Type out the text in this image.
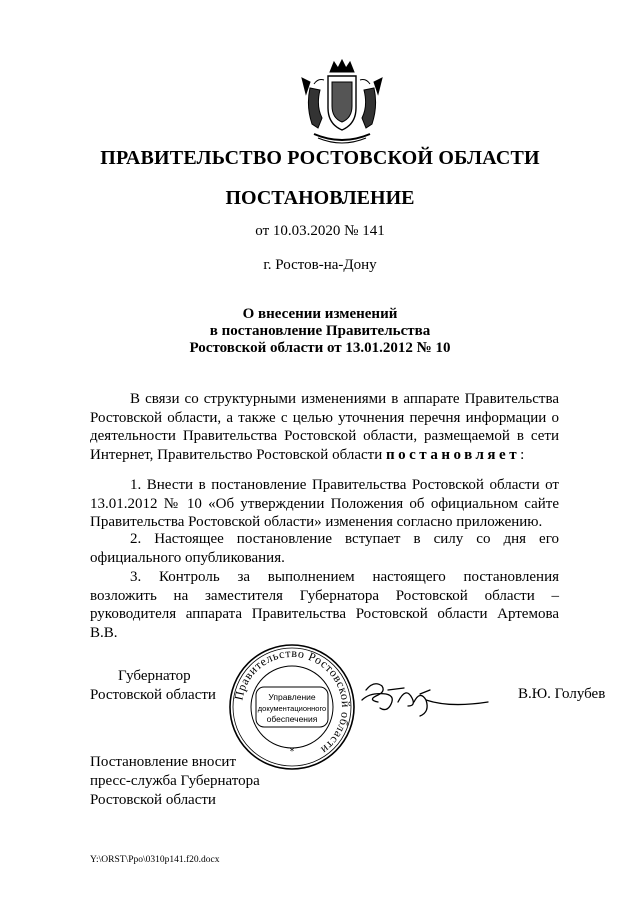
ПРАВИТЕЛЬСТВО РОСТОВСКОЙ ОБЛАСТИ
ПОСТАНОВЛЕНИЕ
от 10.03.2020 № 141
г. Ростов-на-Дону
О внесении изменений
в постановление Правительства
Ростовской области от 13.01.2012 № 10
В связи со структурными изменениями в аппарате Правительства Ростовской области, а также с целью уточнения перечня информации о деятельности Правительства Ростовской области, размещаемой в сети Интернет, Правительство Ростовской области постановляет:
1. Внести в постановление Правительства Ростовской области от 13.01.2012 № 10 «Об утверждении Положения об официальном сайте Правительства Ростовской области» изменения согласно приложению.
2. Настоящее постановление вступает в силу со дня его официального опубликования.
3. Контроль за выполнением настоящего постановления возложить на заместителя Губернатора Ростовской области – руководителя аппарата Правительства Ростовской области Артемова В.В.
Губернатор
Ростовской области Правительство Ростовской области
Управление
документационного
обеспечения
*
В.Ю. Голубев
Постановление вносит
пресс-служба Губернатора
Ростовской области
Y:\ORST\Ppo\0310p141.f20.docx
